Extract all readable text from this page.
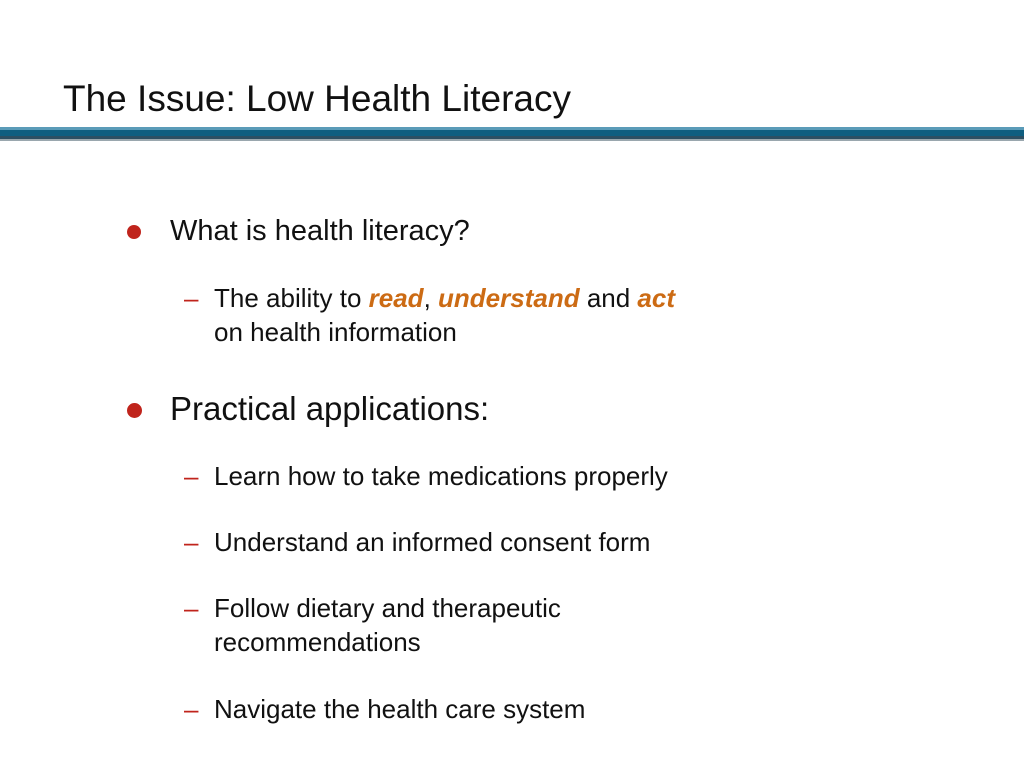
The Issue: Low Health Literacy
What is health literacy?
– The ability to read, understand and act
on health information
Practical applications:
– Learn how to take medications properly
– Understand an informed consent form
– Follow dietary and therapeutic
recommendations
– Navigate the health care system
